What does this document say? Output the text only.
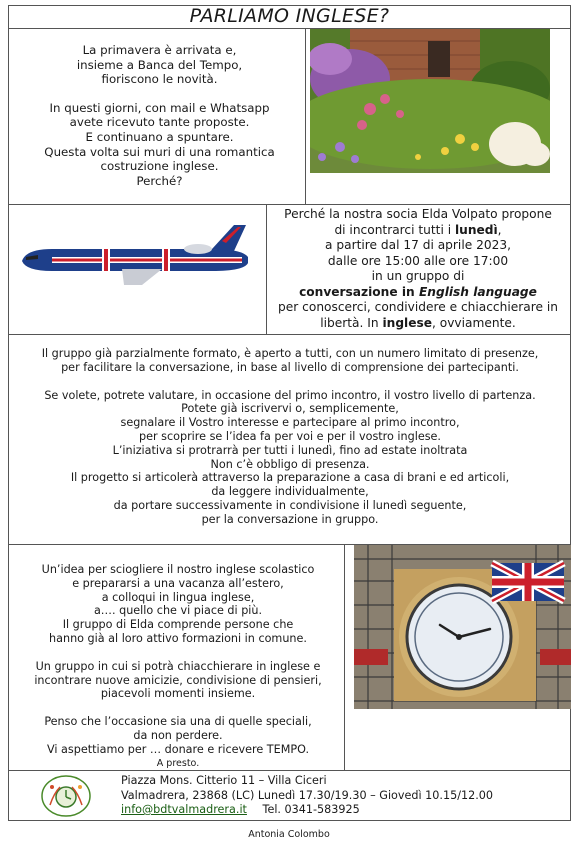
PARLIAMO INGLESE?

La primavera è arrivata e,

insieme a Banca del Tempo,

fioriscono le novità.

In questi giorni, con mail e Whatsapp

avete ricevuto tante proposte.

E continuano a spuntare.

Questa volta sui muri di una romantica

costruzione inglese.

Perché?

Perché la nostra socia Elda Volpato propone

di incontrarci tutti i lunedì,

a partire dal 17 di aprile 2023,

dalle ore 15:00 alle ore 17:00

in un gruppo di

conversazione in English language

per conoscerci, condividere e chiacchierare in

libertà. In inglese, ovviamente.

Il gruppo già parzialmente formato, è aperto a tutti, con un numero limitato di presenze,

per facilitare la conversazione, in base al livello di comprensione dei partecipanti.

Se volete, potrete valutare, in occasione del primo incontro, il vostro livello di partenza.

Potete già iscrivervi o, semplicemente,

segnalare il Vostro interesse e partecipare al primo incontro,

per scoprire se l’idea fa per voi e per il vostro inglese.

L’iniziativa si protrarrà per tutti i lunedì, fino ad estate inoltrata

Non c’è obbligo di presenza.

Il progetto si articolerà attraverso la preparazione a casa di brani e ed articoli,

da leggere individualmente,

da portare successivamente in condivisione il lunedì seguente,

per la conversazione in gruppo.

Un’idea per sciogliere il nostro inglese scolastico

e prepararsi a una vacanza all’estero,

a colloqui in lingua inglese,

a…. quello che vi piace di più.

Il gruppo di Elda comprende persone che

hanno già al loro attivo formazioni in comune.

Un gruppo in cui si potrà chiacchierare in inglese e

incontrare nuove amicizie, condivisione di pensieri,

piacevoli momenti insieme.

Penso che l’occasione sia una di quelle speciali,

da non perdere.

Vi aspettiamo per … donare e ricevere TEMPO.

A presto.

Piazza Mons. Citterio 11 – Villa Ciceri
Valmadrera, 23868 (LC) Lunedì 17.30/19.30 – Giovedì 10.15/12.00
info@bdtvalmadrera.it Tel. 0341-583925
Antonia Colombo
